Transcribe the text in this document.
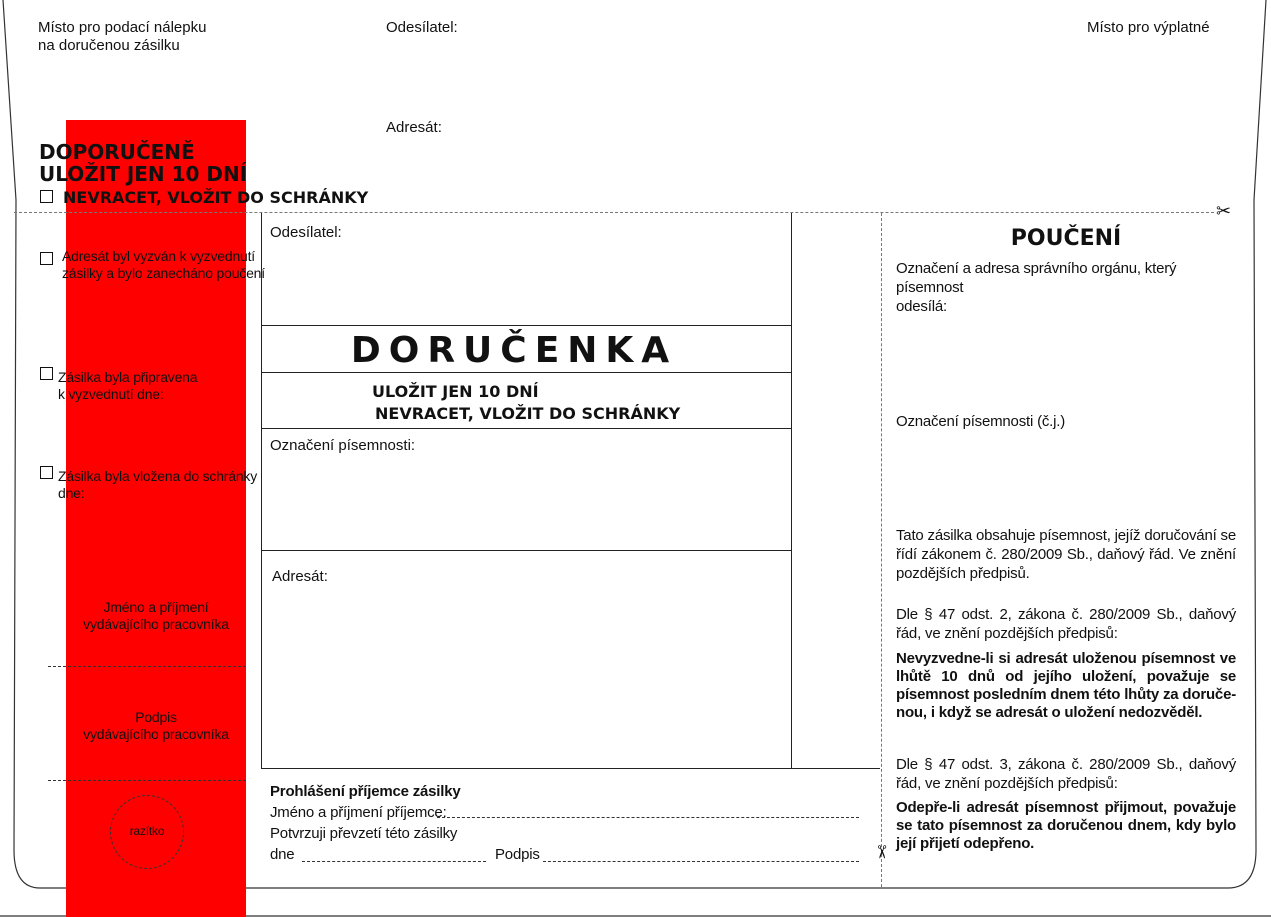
Místo pro podací nálepku
na doručenou zásilku
Odesílatel:
Adresát:
Místo pro výplatné
DOPORUČENĚ
ULOŽIT JEN 10 DNÍ
NEVRACET, VLOŽIT DO SCHRÁNKY
✂
Adresát byl vyzván k vyzvednutí
zásilky a bylo zanecháno poučení
Zásilka byla připravena
k vyzvednutí dne:
Zásilka byla vložena do schránky
dne:
Jméno a příjmení
vydávajícího pracovníka
Podpis
vydávajícího pracovníka
razítko
Odesílatel:
DORUČENKA
ULOŽIT JEN 10 DNÍ
NEVRACET, VLOŽIT DO SCHRÁNKY
Označení písemnosti:
Adresát:
Prohlášení příjemce zásilky
Jméno a příjmení příjemce:
Potvrzuji převzetí této zásilky
dne	Podpis	✂
POUČENÍ
Označení a adresa správního orgánu, který písemnost
odesílá:
Označení písemnosti (č.j.)
Tato zásilka obsahuje písemnost, jejíž doručování se řídí zákonem č. 280/2009 Sb., daňový řád. Ve znění pozdějších předpisů.
Dle § 47 odst. 2, zákona č. 280/2009 Sb., daňový řád, ve znění pozdějších předpisů:
Nevyzvedne-li si adresát uloženou písemnost ve lhůtě 10 dnů od jejího uložení, považuje se písemnost posledním dnem této lhůty za doruče-nou, i když se adresát o uložení nedozvěděl.
Dle § 47 odst. 3, zákona č. 280/2009 Sb., daňový řád, ve znění pozdějších předpisů:
Odepře-li adresát písemnost přijmout, považuje se tato písemnost za doručenou dnem, kdy bylo její přijetí odepřeno.
